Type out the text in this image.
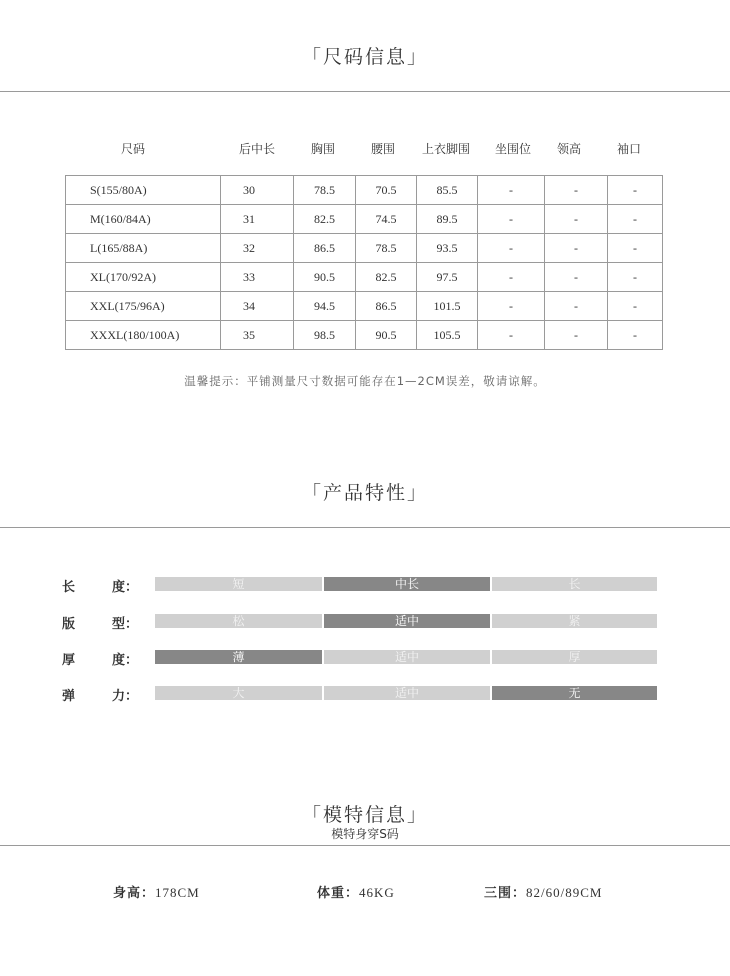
「尺码信息」
尺码	后中长	胸围	腰围	上衣脚围	坐围位	领高	袖口
S(155/80A)	30	78.5	70.5	85.5	-	-	-
M(160/84A)	31	82.5	74.5	89.5	-	-	-
L(165/88A)	32	86.5	78.5	93.5	-	-	-
XL(170/92A)	33	90.5	82.5	97.5	-	-	-
XXL(175/96A)	34	94.5	86.5	101.5	-	-	-
XXXL(180/100A)	35	98.5	90.5	105.5	-	-	-
温馨提示：平铺测量尺寸数据可能存在1—2CM误差，敬请谅解。
「产品特性」
长	度：	短	中长	长
版	型：	松	适中	紧
厚	度：	薄	适中	厚
弹	力：	大	适中	无
「模特信息」
模特身穿S码
身高：178CM	体重：46KG	三围：82/60/89CM
